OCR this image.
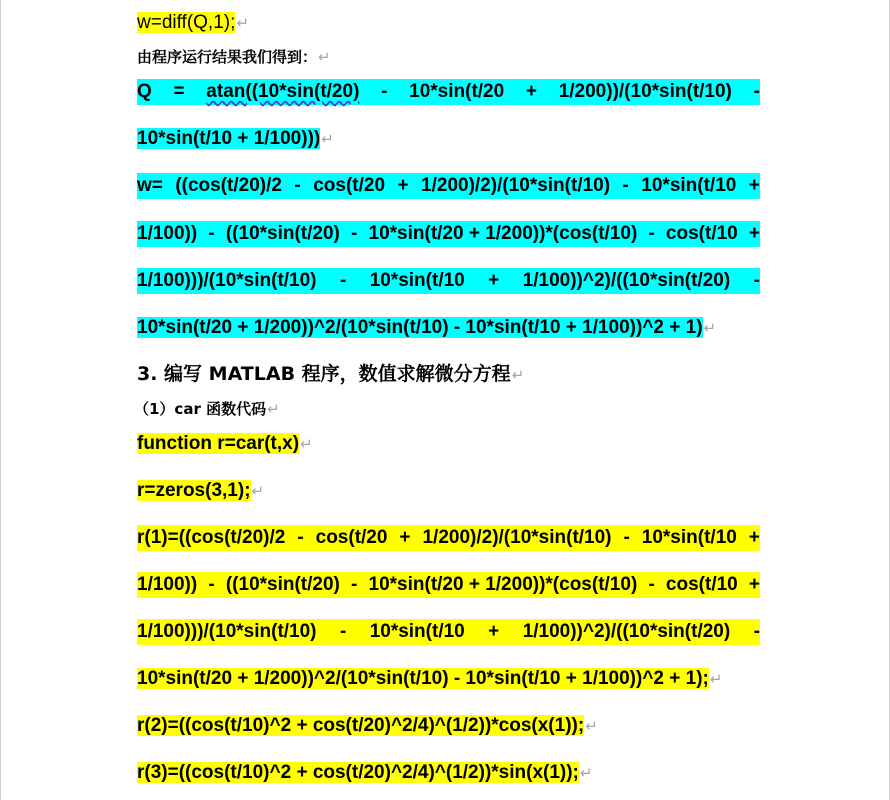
w=diff(Q,1);↵
由程序运行结果我们得到：↵
Q = atan((10*sin(t/20) - 10*sin(t/20 + 1/200))/(10*sin(t/10) -
10*sin(t/10 + 1/100)))↵
w= ((cos(t/20)/2 - cos(t/20 + 1/200)/2)/(10*sin(t/10) - 10*sin(t/10 +
1/100)) - ((10*sin(t/20) - 10*sin(t/20 + 1/200))*(cos(t/10) - cos(t/10 +
1/100)))/(10*sin(t/10) - 10*sin(t/10 + 1/100))^2)/((10*sin(t/20) -
10*sin(t/20 + 1/200))^2/(10*sin(t/10) - 10*sin(t/10 + 1/100))^2 + 1)↵
3. 编写 MATLAB 程序，数值求解微分方程↵
（1）car 函数代码↵
function r=car(t,x)↵
r=zeros(3,1);↵
r(1)=((cos(t/20)/2 - cos(t/20 + 1/200)/2)/(10*sin(t/10) - 10*sin(t/10 +
1/100)) - ((10*sin(t/20) - 10*sin(t/20 + 1/200))*(cos(t/10) - cos(t/10 +
1/100)))/(10*sin(t/10) - 10*sin(t/10 + 1/100))^2)/((10*sin(t/20) -
10*sin(t/20 + 1/200))^2/(10*sin(t/10) - 10*sin(t/10 + 1/100))^2 + 1);↵
r(2)=((cos(t/10)^2 + cos(t/20)^2/4)^(1/2))*cos(x(1));↵
r(3)=((cos(t/10)^2 + cos(t/20)^2/4)^(1/2))*sin(x(1));↵
